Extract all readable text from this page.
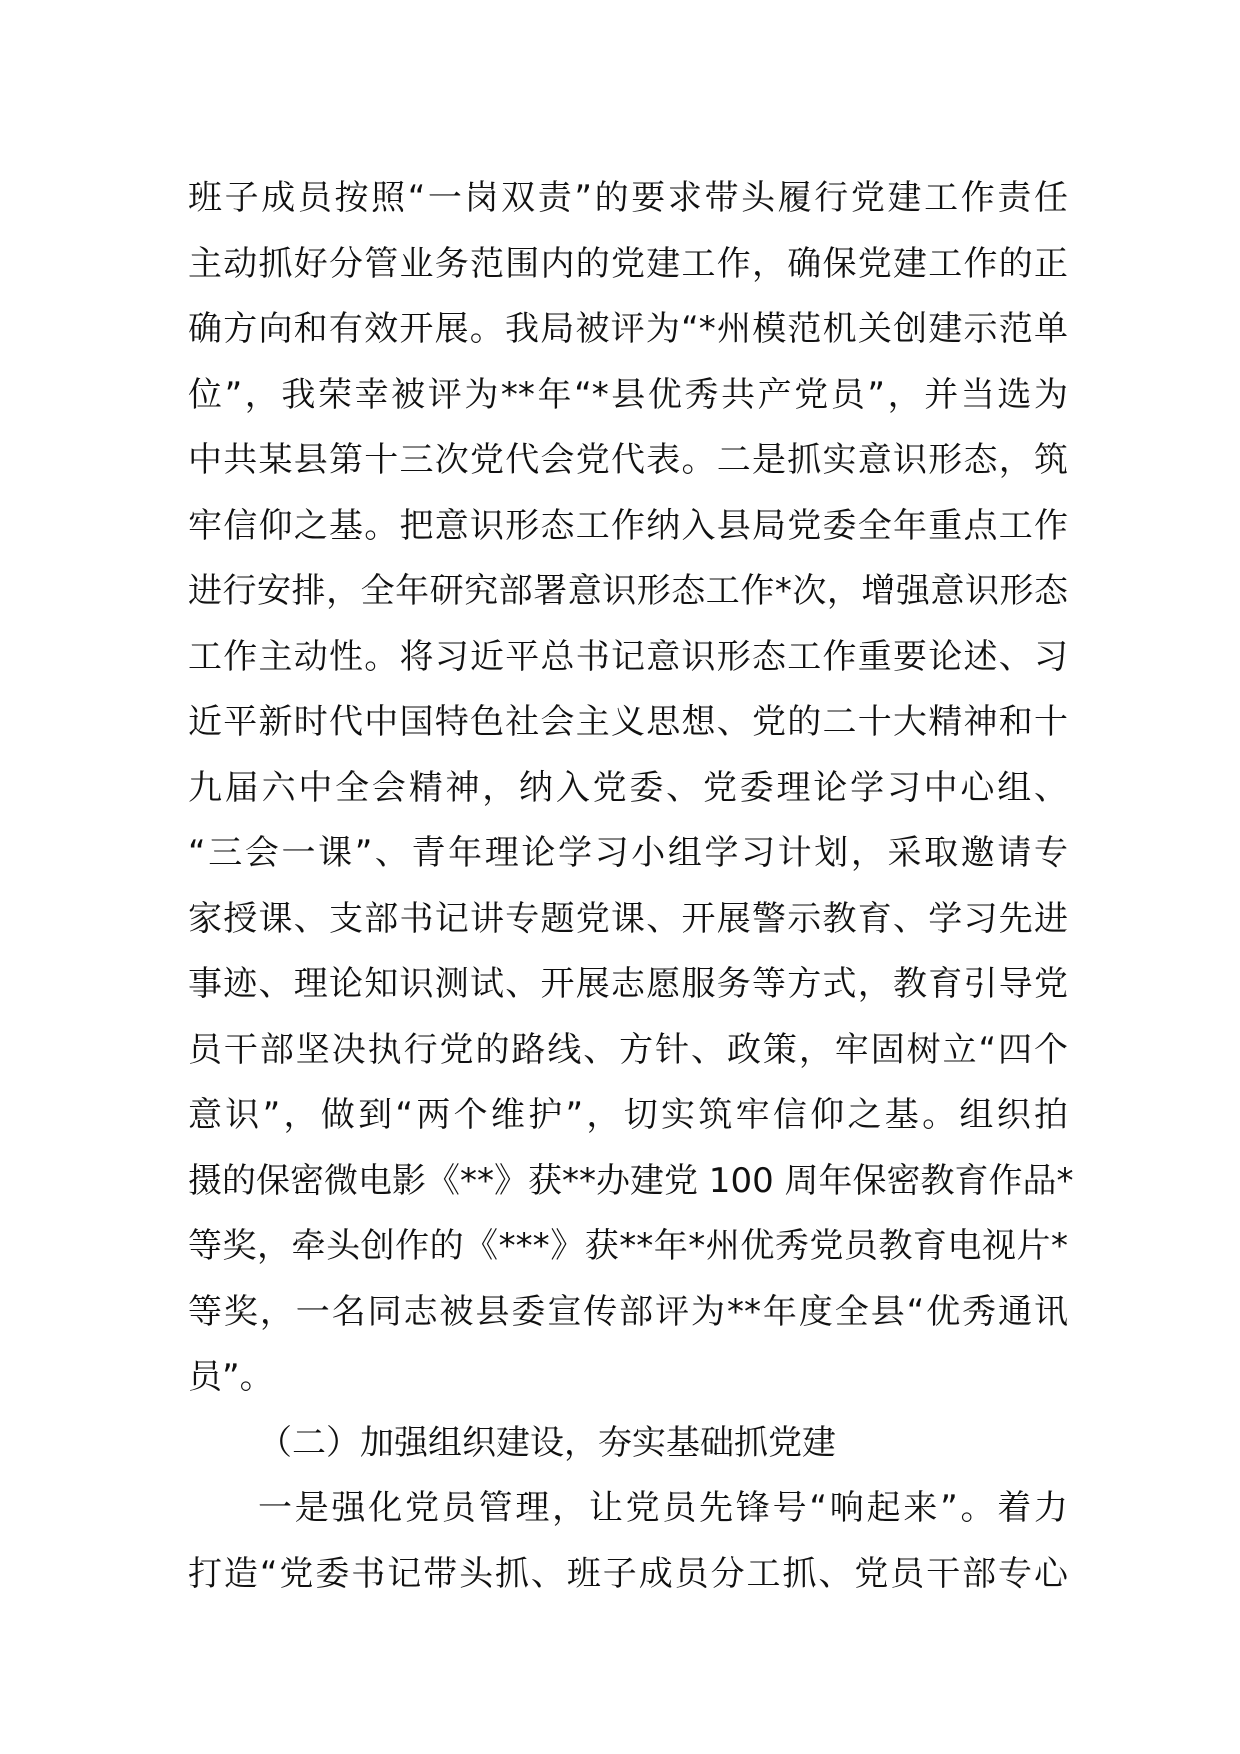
班子成员按照“一岗双责”的要求带头履行党建工作责任
主动抓好分管业务范围内的党建工作，确保党建工作的正
确方向和有效开展。我局被评为“*州模范机关创建示范单
位”，我荣幸被评为**年“*县优秀共产党员”，并当选为
中共某县第十三次党代会党代表。二是抓实意识形态，筑
牢信仰之基。把意识形态工作纳入县局党委全年重点工作
进行安排，全年研究部署意识形态工作*次，增强意识形态
工作主动性。将习近平总书记意识形态工作重要论述、习
近平新时代中国特色社会主义思想、党的二十大精神和十
九届六中全会精神，纳入党委、党委理论学习中心组、
“三会一课”、青年理论学习小组学习计划，采取邀请专
家授课、支部书记讲专题党课、开展警示教育、学习先进
事迹、理论知识测试、开展志愿服务等方式，教育引导党
员干部坚决执行党的路线、方针、政策，牢固树立“四个
意识”，做到“两个维护”，切实筑牢信仰之基。组织拍
摄的保密微电影《**》获**办建党 100 周年保密教育作品*
等奖，牵头创作的《***》获**年*州优秀党员教育电视片*
等奖，一名同志被县委宣传部评为**年度全县“优秀通讯
员”。
（二）加强组织建设，夯实基础抓党建
一是强化党员管理，让党员先锋号“响起来”。着力
打造“党委书记带头抓、班子成员分工抓、党员干部专心
